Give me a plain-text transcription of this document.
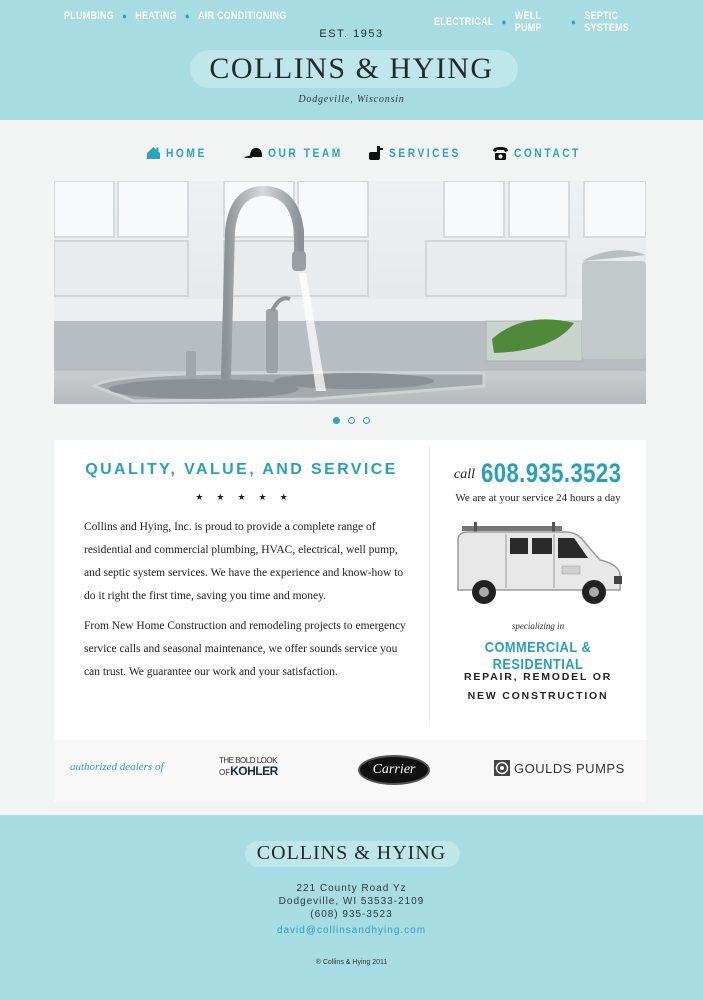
PLUMBING ● HEATING ● AIR CONDITIONING	ELECTRICAL ● WELL PUMP	● SEPTIC SYSTEMS
EST. 1953
COLLINS & HYING
Dodgeville, Wisconsin
HOME	OUR TEAM	SERVICES	CONTACT
QUALITY, VALUE, AND SERVICE
★★★★★

Collins and Hying, Inc. is proud to provide a complete range of residential and commercial plumbing, HVAC, electrical, well pump, and septic system services. We have the experience and know-how to do it right the first time, saving you time and money.

From New Home Construction and remodeling projects to emergency service calls and seasonal maintenance, we offer sounds service you can trust. We guarantee our work and your satisfaction.

call 608.935.3523
We are at your service 24 hours a day
specializing in
COMMERCIAL & RESIDENTIAL
REPAIR, REMODEL OR
NEW CONSTRUCTION
authorized dealers of
THE BOLD LOOK
OFKOHLER	Carrier	GOULDS PUMPS
COLLINS & HYING
221 County Road Yz
Dodgeville, WI 53533-2109
(608) 935-3523
david@collinsandhying.com
® Collins & Hying 2011
